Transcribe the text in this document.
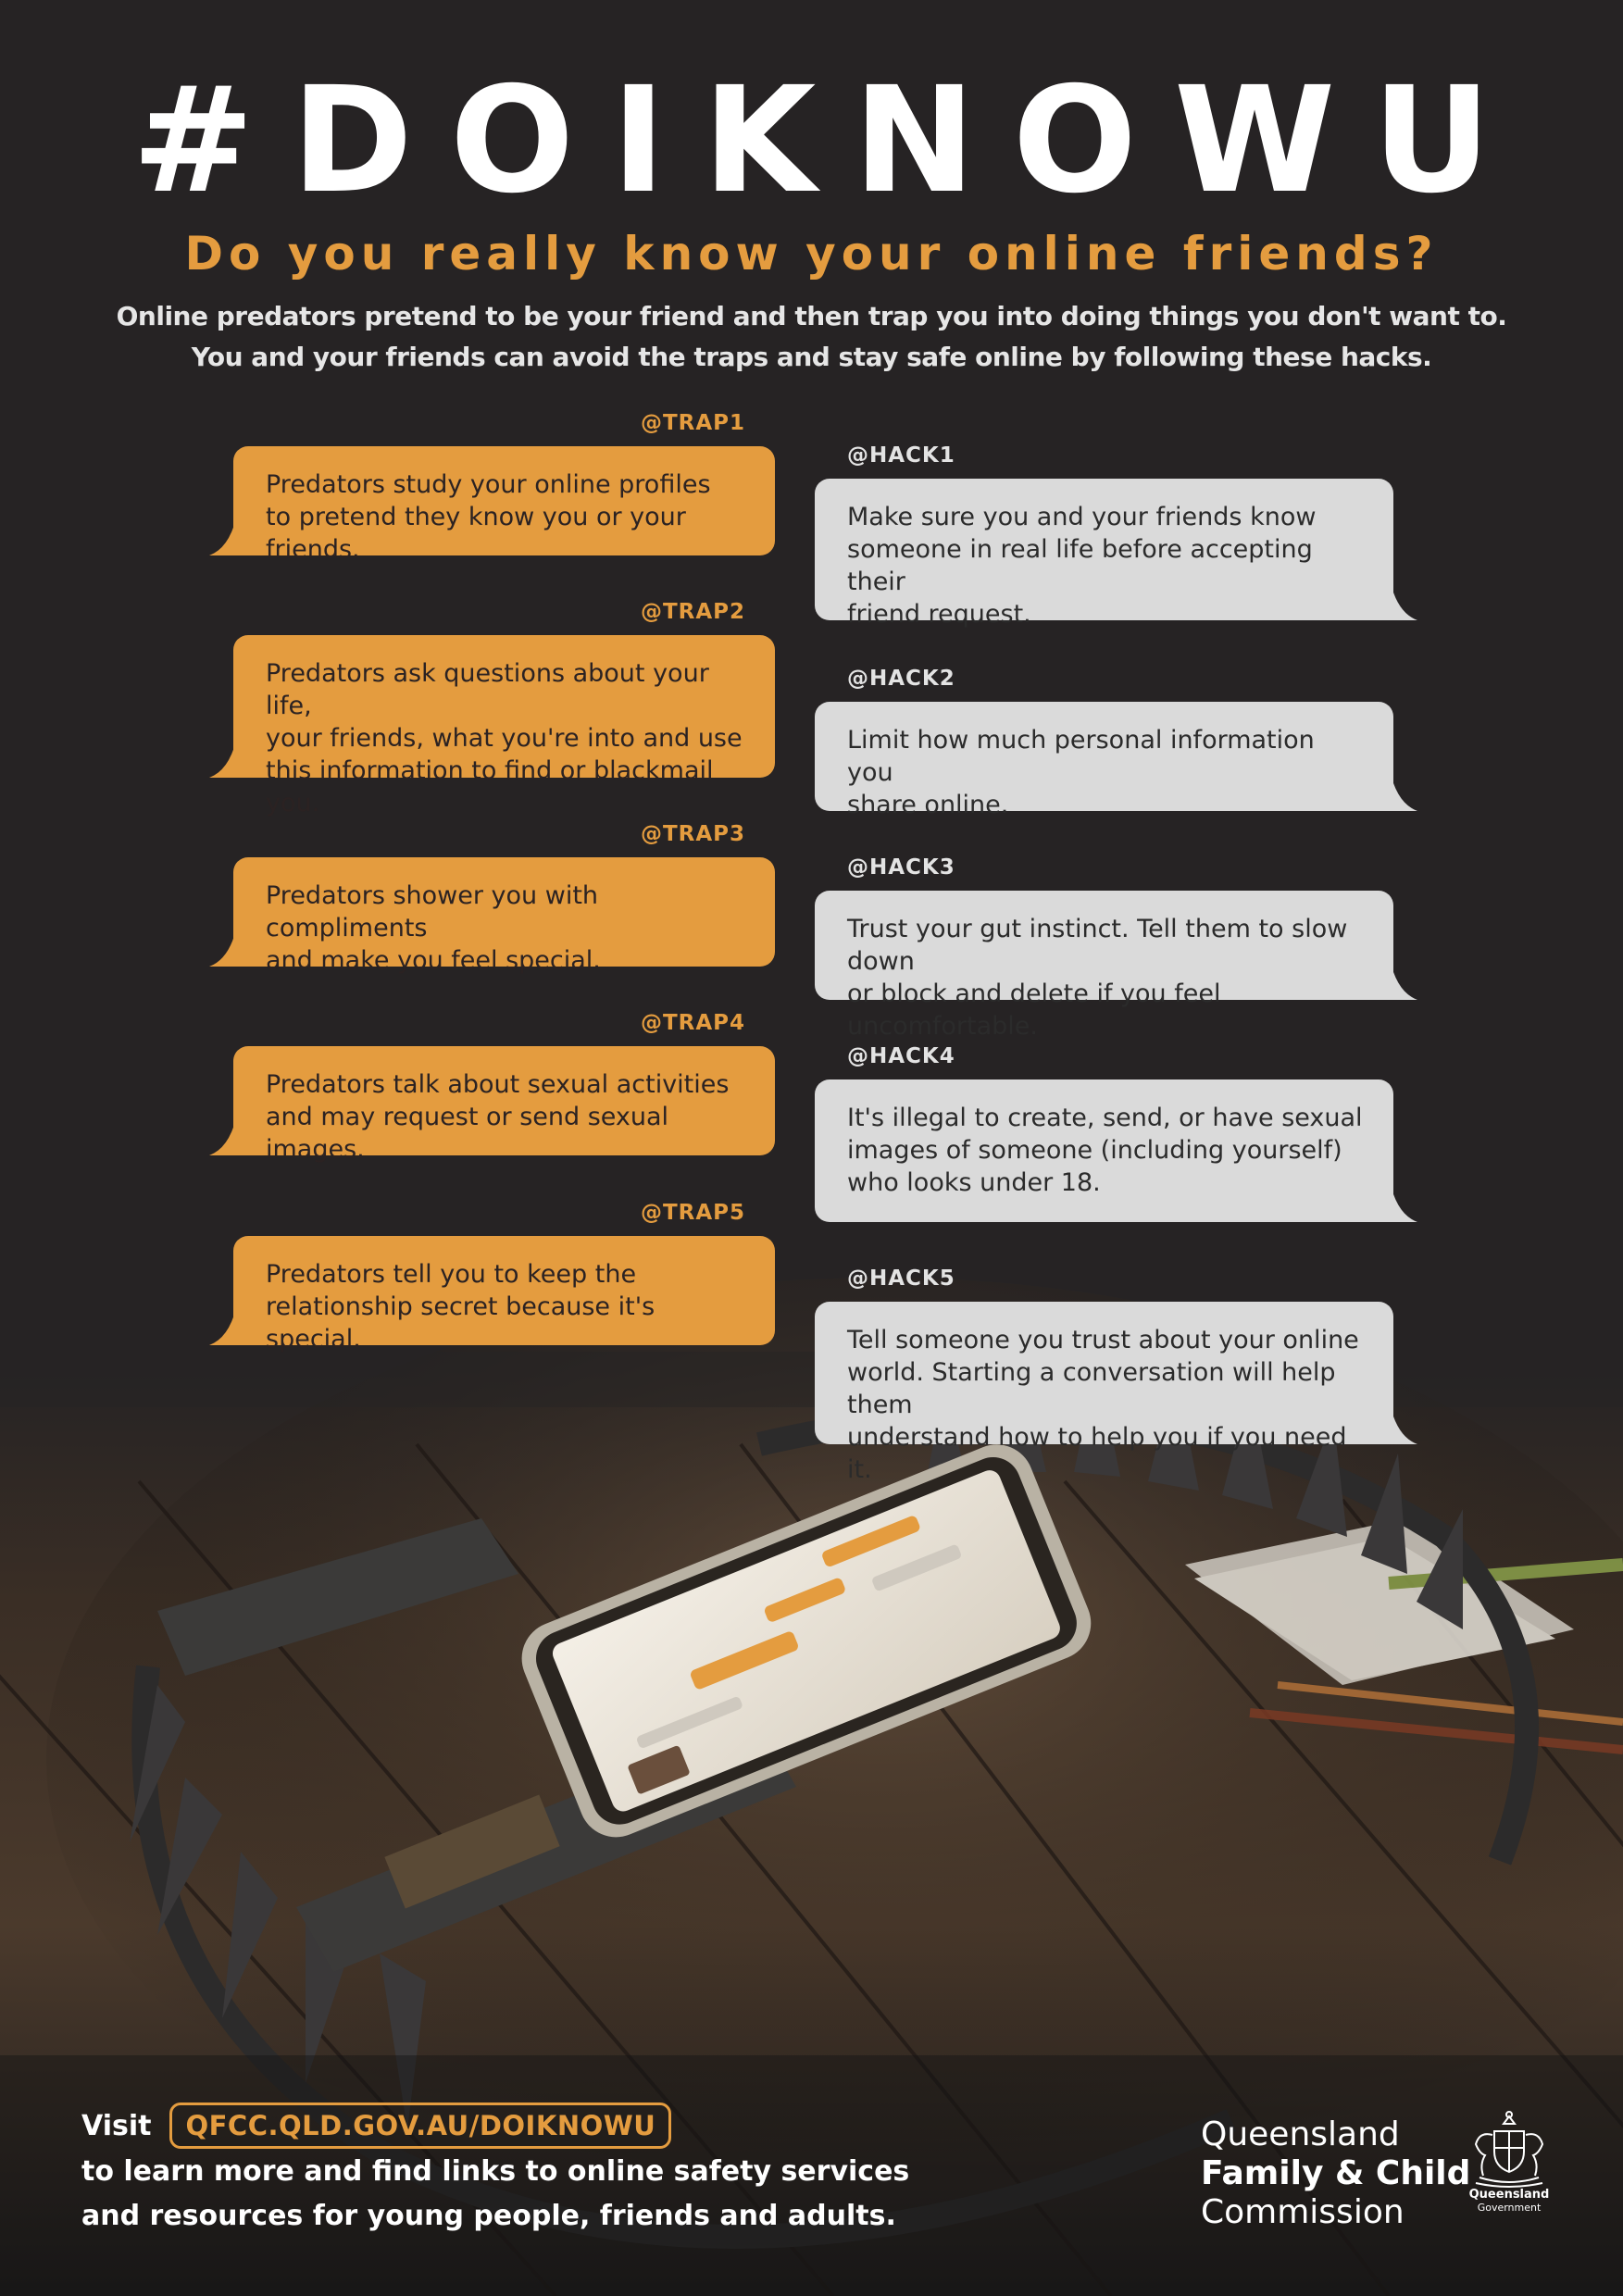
#DOIKNOWU
Do you really know your online friends?
Online predators pretend to be your friend and then trap you into doing things you don't want to.
You and your friends can avoid the traps and stay safe online by following these hacks.
@TRAP1
Predators study your online profiles
to pretend they know you or your friends.
@HACK1
Make sure you and your friends know
someone in real life before accepting their
friend request.
@TRAP2
Predators ask questions about your life,
your friends, what you're into and use
this information to find or blackmail you.
@HACK2
Limit how much personal information you
share online.
@TRAP3
Predators shower you with compliments
and make you feel special.
@HACK3
Trust your gut instinct. Tell them to slow down
or block and delete if you feel uncomfortable.
@TRAP4
Predators talk about sexual activities
and may request or send sexual images.
@HACK4
It's illegal to create, send, or have sexual
images of someone (including yourself)
who looks under 18.
@TRAP5
Predators tell you to keep the
relationship secret because it's special.
@HACK5
Tell someone you trust about your online
world. Starting a conversation will help them
understand how to help you if you need it.
Visit	QFCC.QLD.GOV.AU/DOIKNOWU
to learn more and find links to online safety services
and resources for young people, friends and adults.
Queensland
Family & Child
Commission	Queensland
Government
